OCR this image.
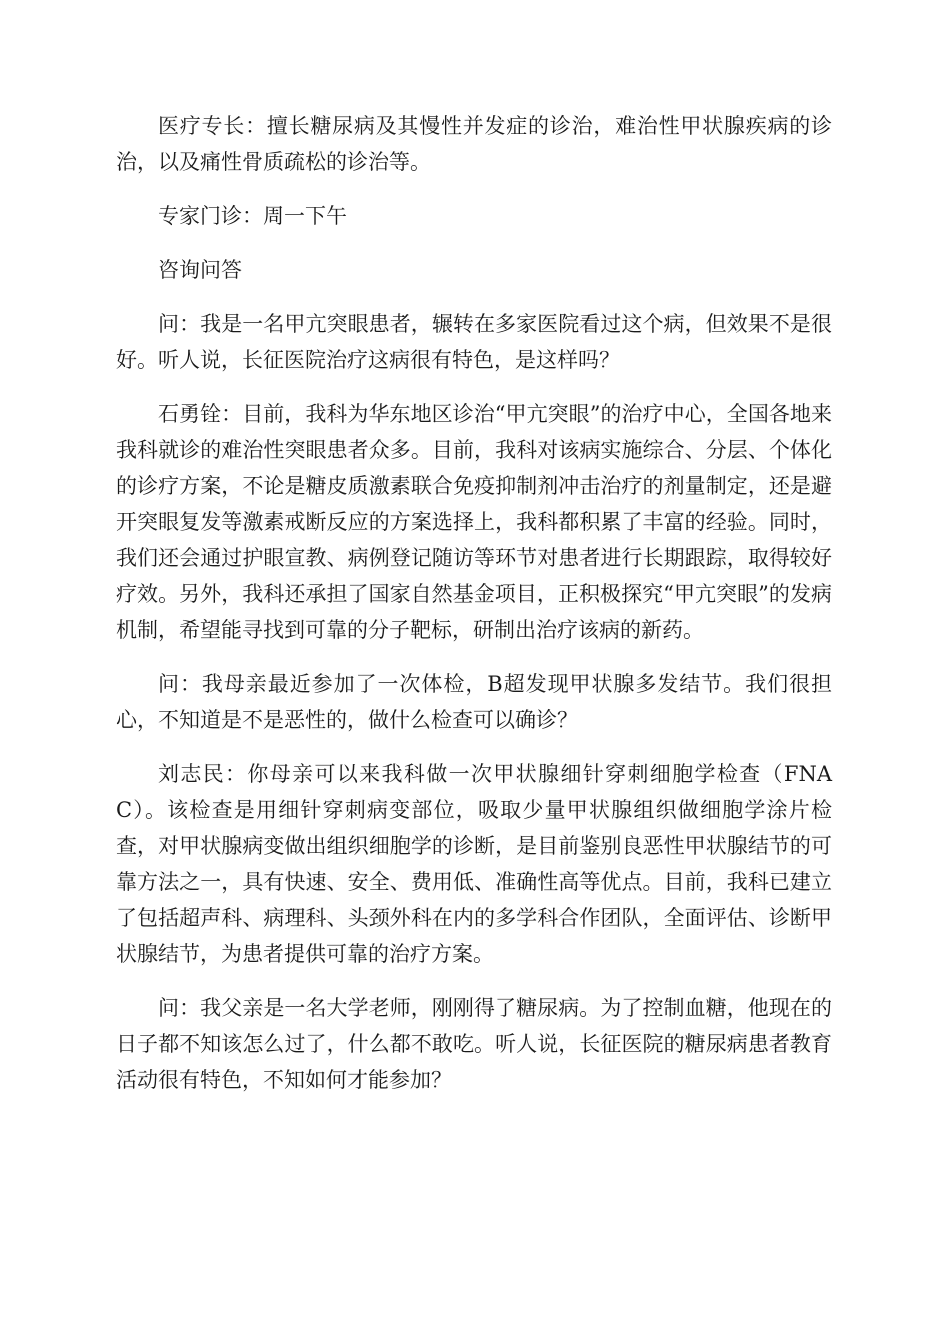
医疗专长：擅长糖尿病及其慢性并发症的诊治，难治性甲状腺疾病的诊治，以及痛性骨质疏松的诊治等。

专家门诊：周一下午

咨询问答

问：我是一名甲亢突眼患者，辗转在多家医院看过这个病，但效果不是很好。听人说，长征医院治疗这病很有特色，是这样吗？

石勇铨：目前，我科为华东地区诊治“甲亢突眼”的治疗中心，全国各地来我科就诊的难治性突眼患者众多。目前，我科对该病实施综合、分层、个体化的诊疗方案，不论是糖皮质激素联合免疫抑制剂冲击治疗的剂量制定，还是避开突眼复发等激素戒断反应的方案选择上，我科都积累了丰富的经验。同时，我们还会通过护眼宣教、病例登记随访等环节对患者进行长期跟踪，取得较好疗效。另外，我科还承担了国家自然基金项目，正积极探究“甲亢突眼”的发病机制，希望能寻找到可靠的分子靶标，研制出治疗该病的新药。

问：我母亲最近参加了一次体检，B超发现甲状腺多发结节。我们很担心，不知道是不是恶性的，做什么检查可以确诊？

刘志民：你母亲可以来我科做一次甲状腺细针穿刺细胞学检查（FNAC）。该检查是用细针穿刺病变部位，吸取少量甲状腺组织做细胞学涂片检查，对甲状腺病变做出组织细胞学的诊断，是目前鉴别良恶性甲状腺结节的可靠方法之一，具有快速、安全、费用低、准确性高等优点。目前，我科已建立了包括超声科、病理科、头颈外科在内的多学科合作团队，全面评估、诊断甲状腺结节，为患者提供可靠的治疗方案。

问：我父亲是一名大学老师，刚刚得了糖尿病。为了控制血糖，他现在的日子都不知该怎么过了，什么都不敢吃。听人说，长征医院的糖尿病患者教育活动很有特色，不知如何才能参加？
